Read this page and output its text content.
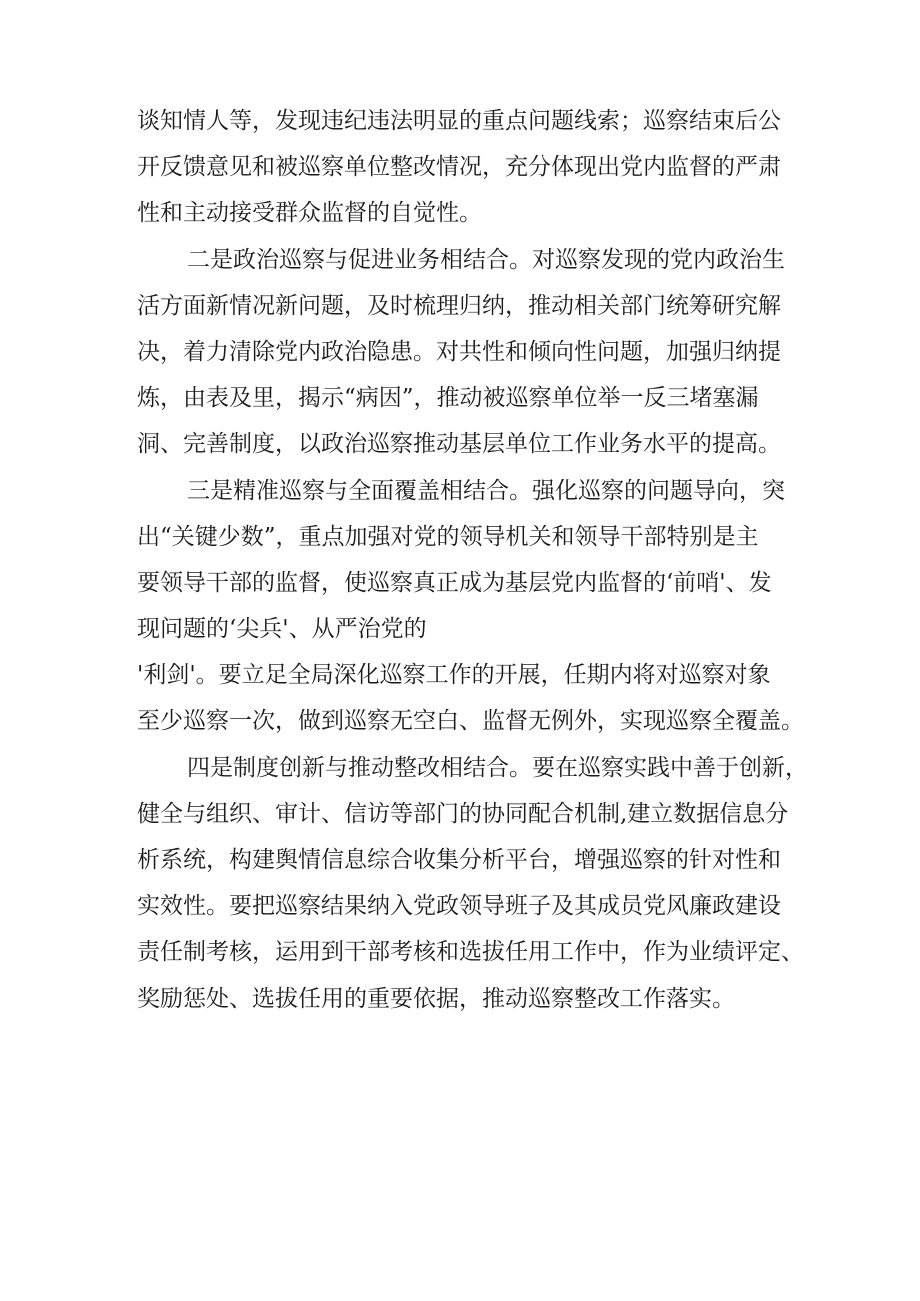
谈知情人等，发现违纪违法明显的重点问题线索；巡察结束后公
开反馈意见和被巡察单位整改情况，充分体现出党内监督的严肃
性和主动接受群众监督的自觉性。
二是政治巡察与促进业务相结合。对巡察发现的党内政治生
活方面新情况新问题，及时梳理归纳，推动相关部门统筹研究解
决，着力清除党内政治隐患。对共性和倾向性问题，加强归纳提
炼，由表及里，揭示“病因”，推动被巡察单位举一反三堵塞漏
洞、完善制度，以政治巡察推动基层单位工作业务水平的提高。
三是精准巡察与全面覆盖相结合。强化巡察的问题导向，突
出“关键少数”，重点加强对党的领导机关和领导干部特别是主
要领导干部的监督，使巡察真正成为基层党内监督的‘前哨'、发
现问题的‘尖兵'、从严治党的
'利剑'。要立足全局深化巡察工作的开展，任期内将对巡察对象
至少巡察一次，做到巡察无空白、监督无例外，实现巡察全覆盖。
四是制度创新与推动整改相结合。要在巡察实践中善于创新，
健全与组织、审计、信访等部门的协同配合机制,建立数据信息分
析系统，构建舆情信息综合收集分析平台，增强巡察的针对性和
实效性。要把巡察结果纳入党政领导班子及其成员党风廉政建设
责任制考核，运用到干部考核和选拔任用工作中，作为业绩评定、
奖励惩处、选拔任用的重要依据，推动巡察整改工作落实。
